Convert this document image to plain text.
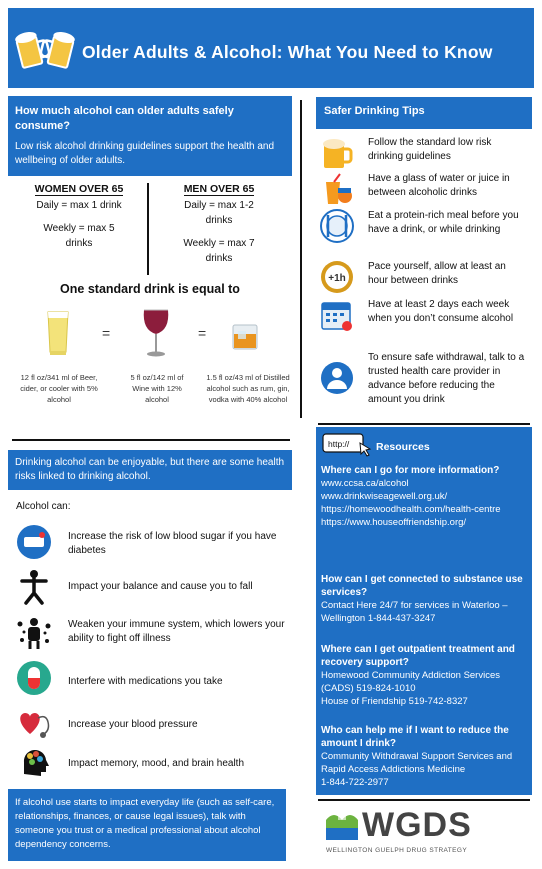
Older Adults & Alcohol: What You Need to Know
How much alcohol can older adults safely consume?
Low risk alcohol drinking guidelines support the health and wellbeing of older adults.
WOMEN OVER 65
Daily = max 1 drink
Weekly = max 5 drinks
MEN OVER 65
Daily = max 1-2 drinks
Weekly = max 7 drinks
One standard drink is equal to
=	=
12 fl oz/341 ml of Beer, cider, or cooler with 5% alcohol
5 fl oz/142 ml of Wine with 12% alcohol
1.5 fl oz/43 ml of Distilled alcohol such as rum, gin, vodka with 40% alcohol
Drinking alcohol can be enjoyable, but there are some health risks linked to drinking alcohol.
Alcohol can:
Increase the risk of low blood sugar if you have diabetes
Impact your balance and cause you to fall
Weaken your immune system, which lowers your ability to fight off illness
Interfere with medications you take
Increase your blood pressure
Impact memory, mood, and brain health
If alcohol use starts to impact everyday life (such as self-care, relationships, finances, or cause legal issues), talk with someone you trust or a medical professional about alcohol dependency concerns.
Safer Drinking Tips
Follow the standard low risk drinking guidelines
Have a glass of water or juice in between alcoholic drinks
Eat a protein-rich meal before you have a drink, or while drinking
+1h
Pace yourself, allow at least an hour between drinks
Have at least 2 days each week when you don’t consume alcohol
To ensure safe withdrawal, talk to a trusted health care provider in advance before reducing the amount you drink
http://	Resources
Where can I go for more information?
www.ccsa.ca/alcohol
www.drinkwiseagewell.org.uk/
https://homewoodhealth.com/health-centre
https://www.houseoffriendship.org/
How can I get connected to substance use services?
Contact Here 24/7 for services in Waterloo – Wellington 1-844-437-3247
Where can I get outpatient treatment and recovery support?
Homewood Community Addiction Services (CADS) 519-824-1010
House of Friendship 519-742-8327
Who can help me if I want to reduce the amount I drink?
Community Withdrawal Support Services and Rapid Access Addictions Medicine
1-844-722-2977
WGDS
WELLINGTON GUELPH DRUG STRATEGY
